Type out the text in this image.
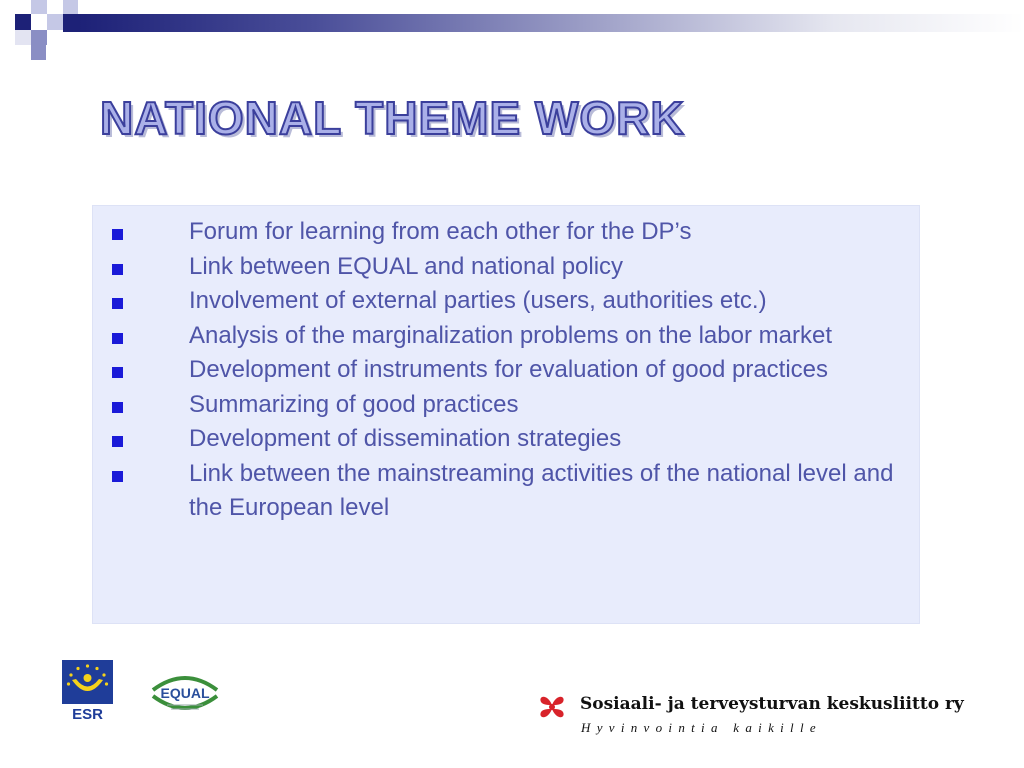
NATIONAL THEME WORK
Forum for learning from each other for the DP’s
Link between EQUAL and national policy
Involvement of external parties (users, authorities etc.)
Analysis of the marginalization problems on the labor market
Development of instruments for evaluation of good practices
Summarizing of good practices
Development of dissemination strategies
Link between the mainstreaming activities of the national level and the European level
ESR
EQUAL
Sosiaali- ja terveysturvan keskusliitto ry
Hyvinvointia kaikille
